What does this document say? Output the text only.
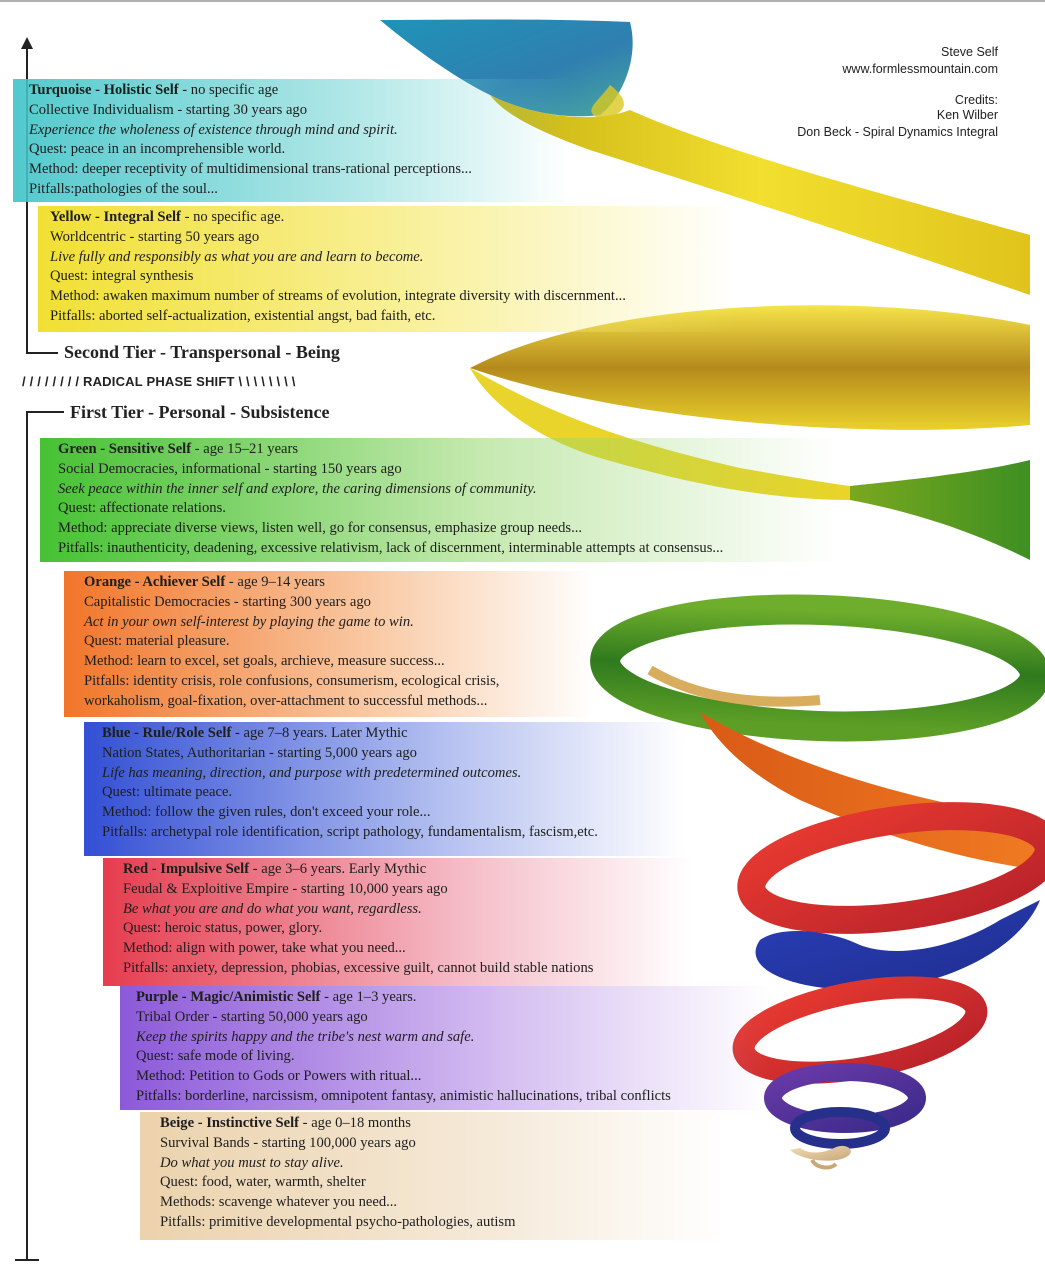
Steve Self
www.formlessmountain.com
Credits:
Ken Wilber
Don Beck - Spiral Dynamics Integral
Second Tier - Transpersonal - Being
/ / / / / / / / RADICAL PHASE SHIFT \ \ \ \ \ \ \ \
First Tier - Personal - Subsistence
Turquoise - Holistic Self - no specific age
Collective Individualism - starting 30 years ago
Experience the wholeness of existence through mind and spirit.
Quest: peace in an incomprehensible world.
Method: deeper receptivity of multidimensional trans-rational perceptions...
Pitfalls:pathologies of the soul...
Yellow - Integral Self - no specific age.
Worldcentric - starting 50 years ago
Live fully and responsibly as what you are and learn to become.
Quest: integral synthesis
Method: awaken maximum number of streams of evolution, integrate diversity with discernment...
Pitfalls: aborted self-actualization, existential angst, bad faith, etc.
Green - Sensitive Self - age 15–21 years
Social Democracies, informational - starting 150 years ago
Seek peace within the inner self and explore, the caring dimensions of community.
Quest: affectionate relations.
Method: appreciate diverse views, listen well, go for consensus, emphasize group needs...
Pitfalls: inauthenticity, deadening, excessive relativism, lack of discernment, interminable attempts at consensus...
Orange - Achiever Self - age 9–14 years
Capitalistic Democracies - starting 300 years ago
Act in your own self-interest by playing the game to win.
Quest: material pleasure.
Method: learn to excel, set goals, archieve, measure success...
Pitfalls: identity crisis, role confusions, consumerism, ecological crisis,
workaholism, goal-fixation, over-attachment to successful methods...
Blue - Rule/Role Self - age 7–8 years. Later Mythic
Nation States, Authoritarian - starting 5,000 years ago
Life has meaning, direction, and purpose with predetermined outcomes.
Quest: ultimate peace.
Method: follow the given rules, don't exceed your role...
Pitfalls: archetypal role identification, script pathology, fundamentalism, fascism,etc.
Red - Impulsive Self - age 3–6 years. Early Mythic
Feudal & Exploitive Empire - starting 10,000 years ago
Be what you are and do what you want, regardless.
Quest: heroic status, power, glory.
Method: align with power, take what you need...
Pitfalls: anxiety, depression, phobias, excessive guilt, cannot build stable nations
Purple - Magic/Animistic Self - age 1–3 years.
Tribal Order - starting 50,000 years ago
Keep the spirits happy and the tribe's nest warm and safe.
Quest: safe mode of living.
Method: Petition to Gods or Powers with ritual...
Pitfalls: borderline, narcissism, omnipotent fantasy, animistic hallucinations, tribal conflicts
Beige - Instinctive Self - age 0–18 months
Survival Bands - starting 100,000 years ago
Do what you must to stay alive.
Quest: food, water, warmth, shelter
Methods: scavenge whatever you need...
Pitfalls: primitive developmental psycho-pathologies, autism
